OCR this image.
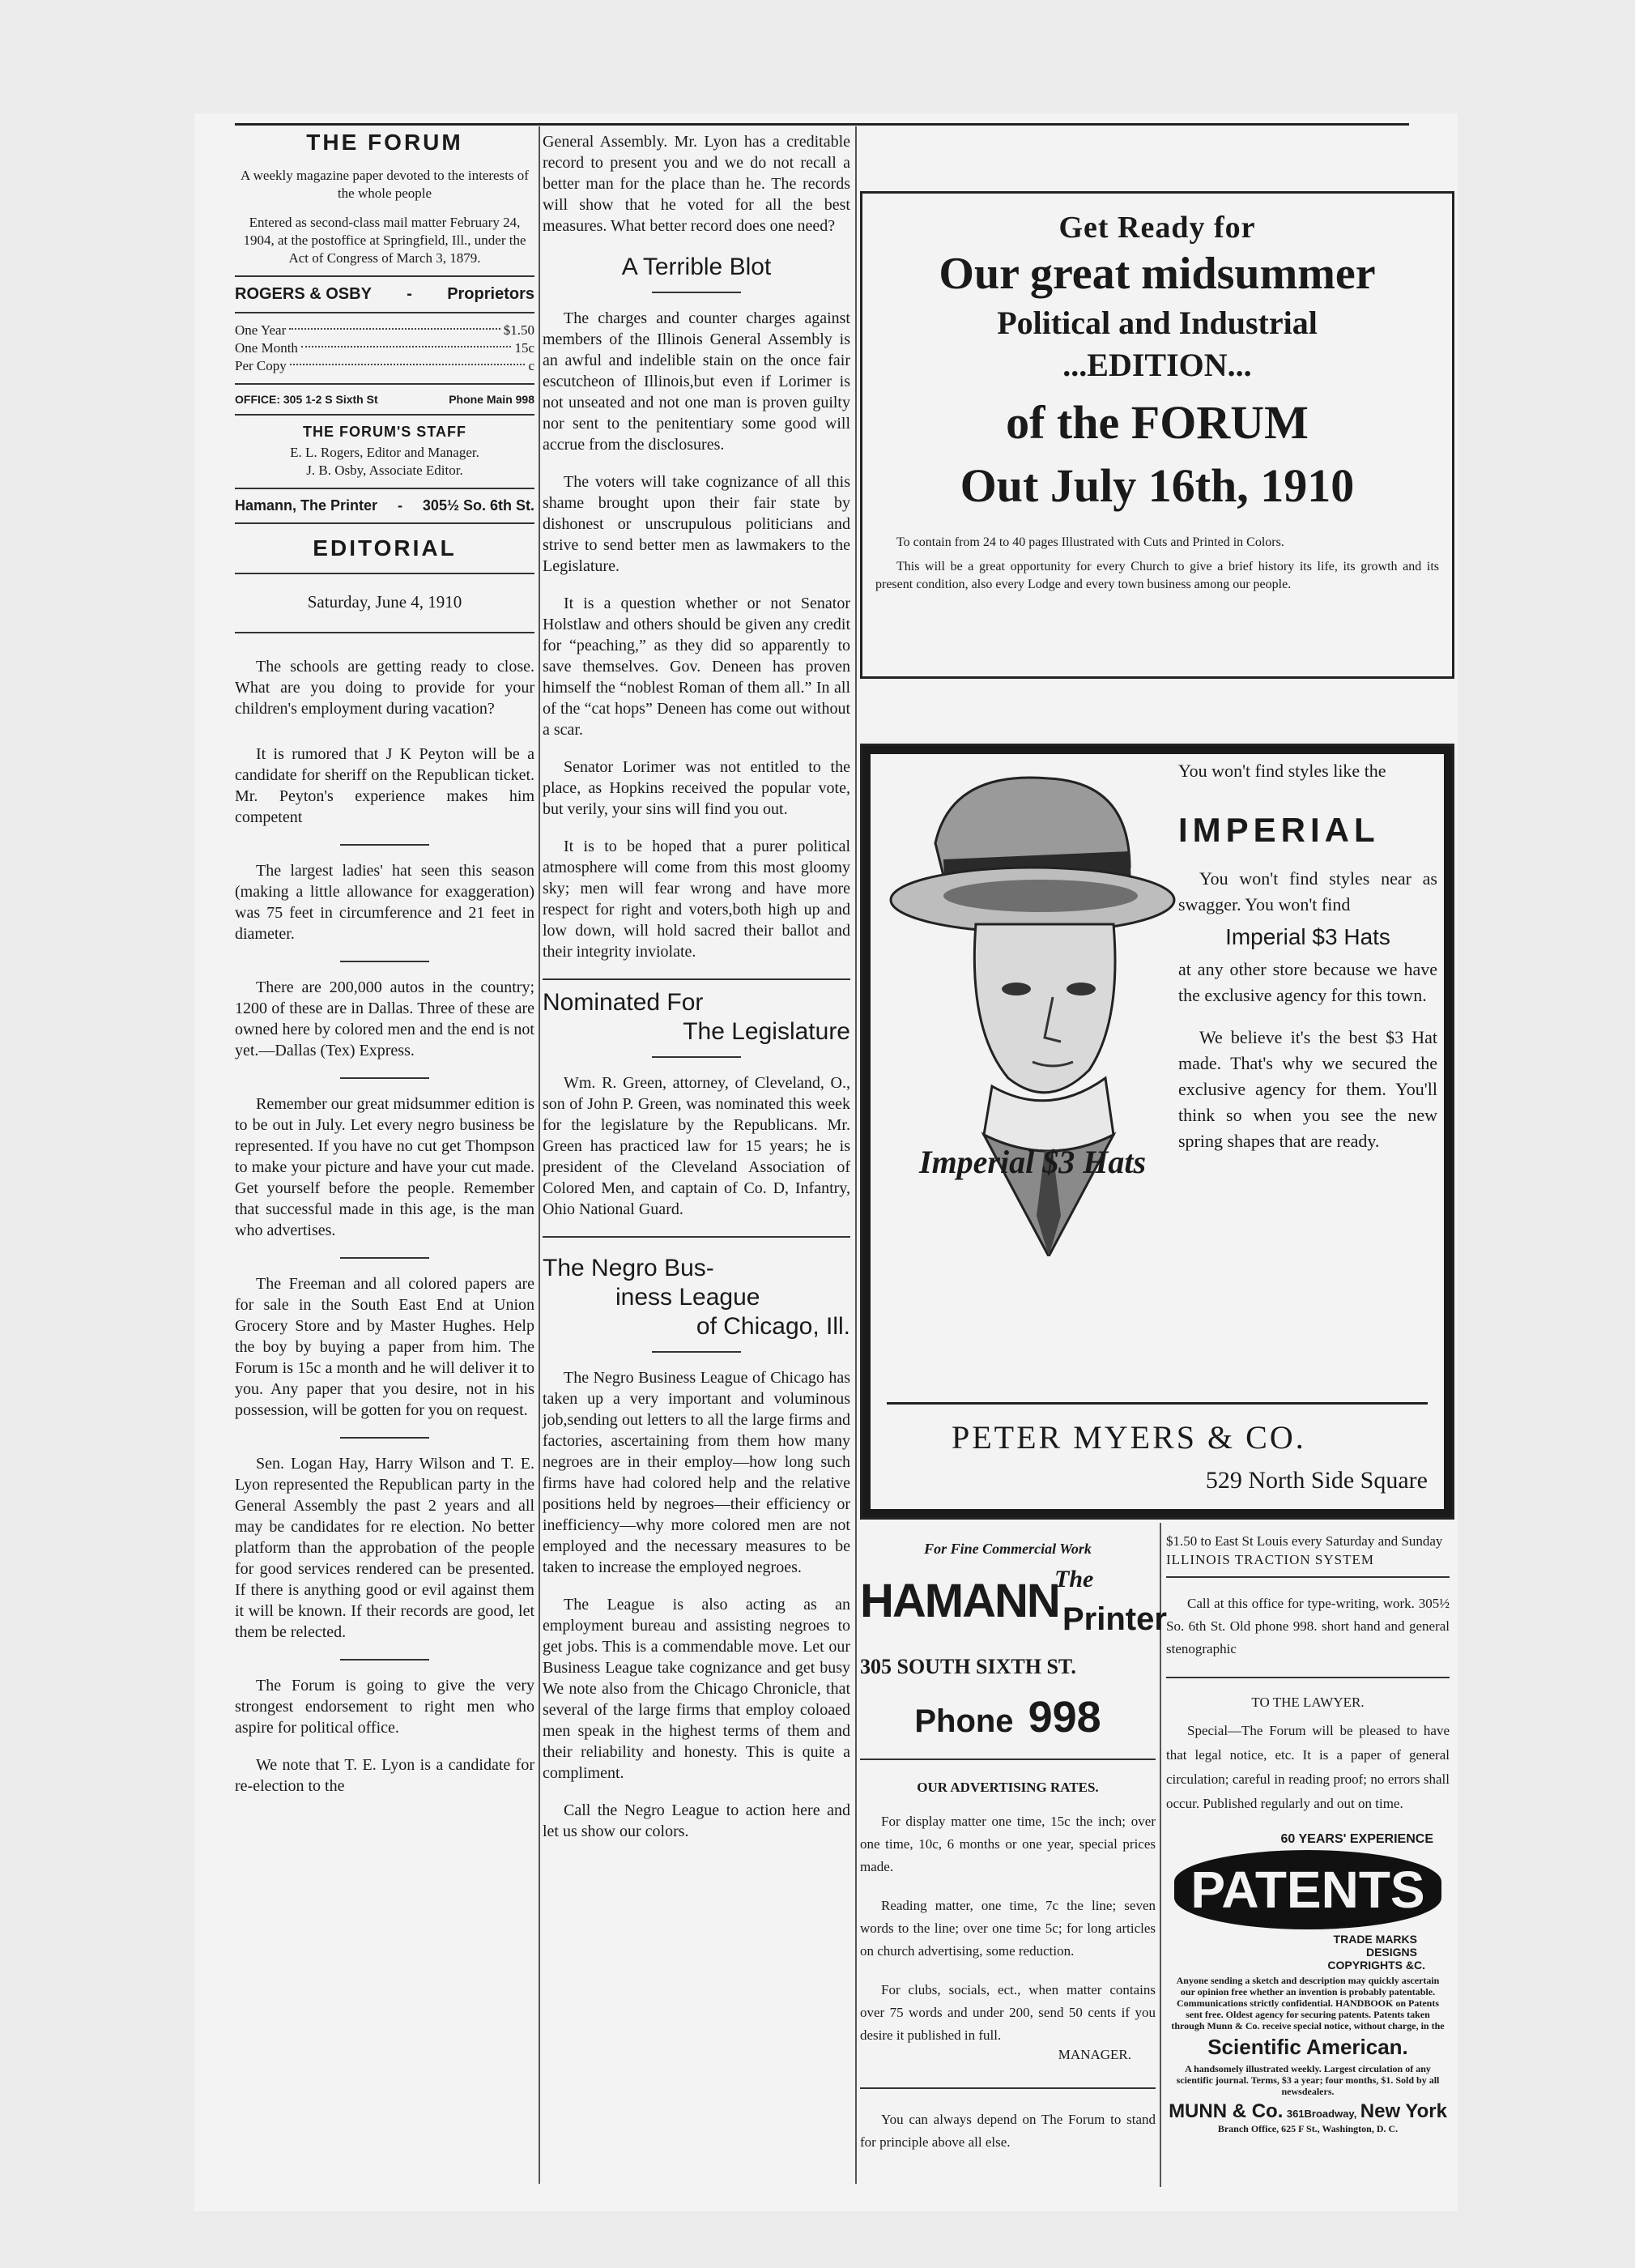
THE FORUM

A weekly magazine paper devoted to the interests of the whole people

Entered as second-class mail matter February 24, 1904, at the postoffice at Springfield, Ill., under the Act of Congress of March 3, 1879.

ROGERS & OSBY - Proprietors
One Year	$1.50
One Month	15c
Per Copy	c
OFFICE: 305 1-2 S Sixth St	Phone Main 998
THE FORUM'S STAFF

E. L. Rogers, Editor and Manager.

J. B. Osby, Associate Editor.

Hamann, The Printer - 305½ So. 6th St.
EDITORIAL

Saturday, June 4, 1910

The schools are getting ready to close. What are you doing to provide for your children's employment during vacation?

It is rumored that J K Peyton will be a candidate for sheriff on the Republican ticket. Mr. Peyton's experience makes him competent

The largest ladies' hat seen this season (making a little allowance for exaggeration) was 75 feet in circumference and 21 feet in diameter.

There are 200,000 autos in the country; 1200 of these are in Dallas. Three of these are owned here by colored men and the end is not yet.—Dallas (Tex) Express.

Remember our great midsummer edition is to be out in July. Let every negro business be represented. If you have no cut get Thompson to make your picture and have your cut made. Get yourself before the people. Remember that successful made in this age, is the man who advertises.

The Freeman and all colored papers are for sale in the South East End at Union Grocery Store and by Master Hughes. Help the boy by buying a paper from him. The Forum is 15c a month and he will deliver it to you. Any paper that you desire, not in his possession, will be gotten for you on request.

Sen. Logan Hay, Harry Wilson and T. E. Lyon represented the Republican party in the General Assembly the past 2 years and all may be candidates for re election. No better platform than the approbation of the people for good services rendered can be presented. If there is anything good or evil against them it will be known. If their records are good, let them be relected.

The Forum is going to give the very strongest endorsement to right men who aspire for political office.

We note that T. E. Lyon is a candidate for re-election to the

General Assembly. Mr. Lyon has a creditable record to present you and we do not recall a better man for the place than he. The records will show that he voted for all the best measures. What better record does one need?

A Terrible Blot

The charges and counter charges against members of the Illinois General Assembly is an awful and indelible stain on the once fair escutcheon of Illinois,but even if Lorimer is not unseated and not one man is proven guilty nor sent to the penitentiary some good will accrue from the disclosures.

The voters will take cognizance of all this shame brought upon their fair state by dishonest or unscrupulous politicians and strive to send better men as lawmakers to the Legislature.

It is a question whether or not Senator Holstlaw and others should be given any credit for “peaching,” as they did so apparently to save themselves. Gov. Deneen has proven himself the “noblest Roman of them all.” In all of the “cat hops” Deneen has come out without a scar.

Senator Lorimer was not entitled to the place, as Hopkins received the popular vote, but verily, your sins will find you out.

It is to be hoped that a purer political atmosphere will come from this most gloomy sky; men will fear wrong and have more respect for right and voters,both high up and low down, will hold sacred their ballot and their integrity inviolate.

Nominated For
The Legislature

Wm. R. Green, attorney, of Cleveland, O., son of John P. Green, was nominated this week for the legislature by the Republicans. Mr. Green has practiced law for 15 years; he is president of the Cleveland Association of Colored Men, and captain of Co. D, Infantry, Ohio National Guard.

The Negro Bus-
iness League
of Chicago, Ill.

The Negro Business League of Chicago has taken up a very important and voluminous job,sending out letters to all the large firms and factories, ascertaining from them how many negroes are in their employ—how long such firms have had colored help and the relative positions held by negroes—their efficiency or inefficiency—why more colored men are not employed and the necessary measures to be taken to increase the employed negroes.

The League is also acting as an employment bureau and assisting negroes to get jobs. This is a commendable move. Let our Business League take cognizance and get busy We note also from the Chicago Chronicle, that several of the large firms that employ coloaed men speak in the highest terms of them and their reliability and honesty. This is quite a compliment.

Call the Negro League to action here and let us show our colors.

Get Ready for
Our great midsummer
Political and Industrial
...EDITION...
of the FORUM
Out July 16th, 1910

To contain from 24 to 40 pages Illustrated with Cuts and Printed in Colors.

This will be a great opportunity for every Church to give a brief history its life, its growth and its present condition, also every Lodge and every town business among our people.

Imperial $3 Hats
You won't find styles like the
IMPERIAL

You won't find styles near as swagger. You won't find

Imperial $3 Hats

at any other store because we have the exclusive agency for this town.

We believe it's the best $3 Hat made. That's why we secured the exclusive agency for them. You'll think so when you see the new spring shapes that are ready.

PETER MYERS & CO.
529 North Side Square
For Fine Commercial Work
HAMANN
The
Printer
305 SOUTH SIXTH ST.
Phone 998
OUR ADVERTISING RATES.

For display matter one time, 15c the inch; over one time, 10c, 6 months or one year, special prices made.

Reading matter, one time, 7c the line; seven words to the line; over one time 5c; for long articles on church advertising, some reduction.

For clubs, socials, ect., when matter contains over 75 words and under 200, send 50 cents if you desire it published in full.

MANAGER.

You can always depend on The Forum to stand for principle above all else.

$1.50 to East St Louis every Saturday and Sunday

ILLINOIS TRACTION SYSTEM

Call at this office for type-writing, work. 305½ So. 6th St. Old phone 998. short hand and general stenographic

TO THE LAWYER.

Special—The Forum will be pleased to have that legal notice, etc. It is a paper of general circulation; careful in reading proof; no errors shall occur. Published regularly and out on time.

60 YEARS' EXPERIENCE
PATENTS
TRADE MARKS
DESIGNS
COPYRIGHTS &C.

Anyone sending a sketch and description may quickly ascertain our opinion free whether an invention is probably patentable. Communications strictly confidential. HANDBOOK on Patents sent free. Oldest agency for securing patents. Patents taken through Munn & Co. receive special notice, without charge, in the

Scientific American.

A handsomely illustrated weekly. Largest circulation of any scientific journal. Terms, $3 a year; four months, $1. Sold by all newsdealers.

MUNN & Co. 361Broadway, New York
Branch Office, 625 F St., Washington, D. C.
